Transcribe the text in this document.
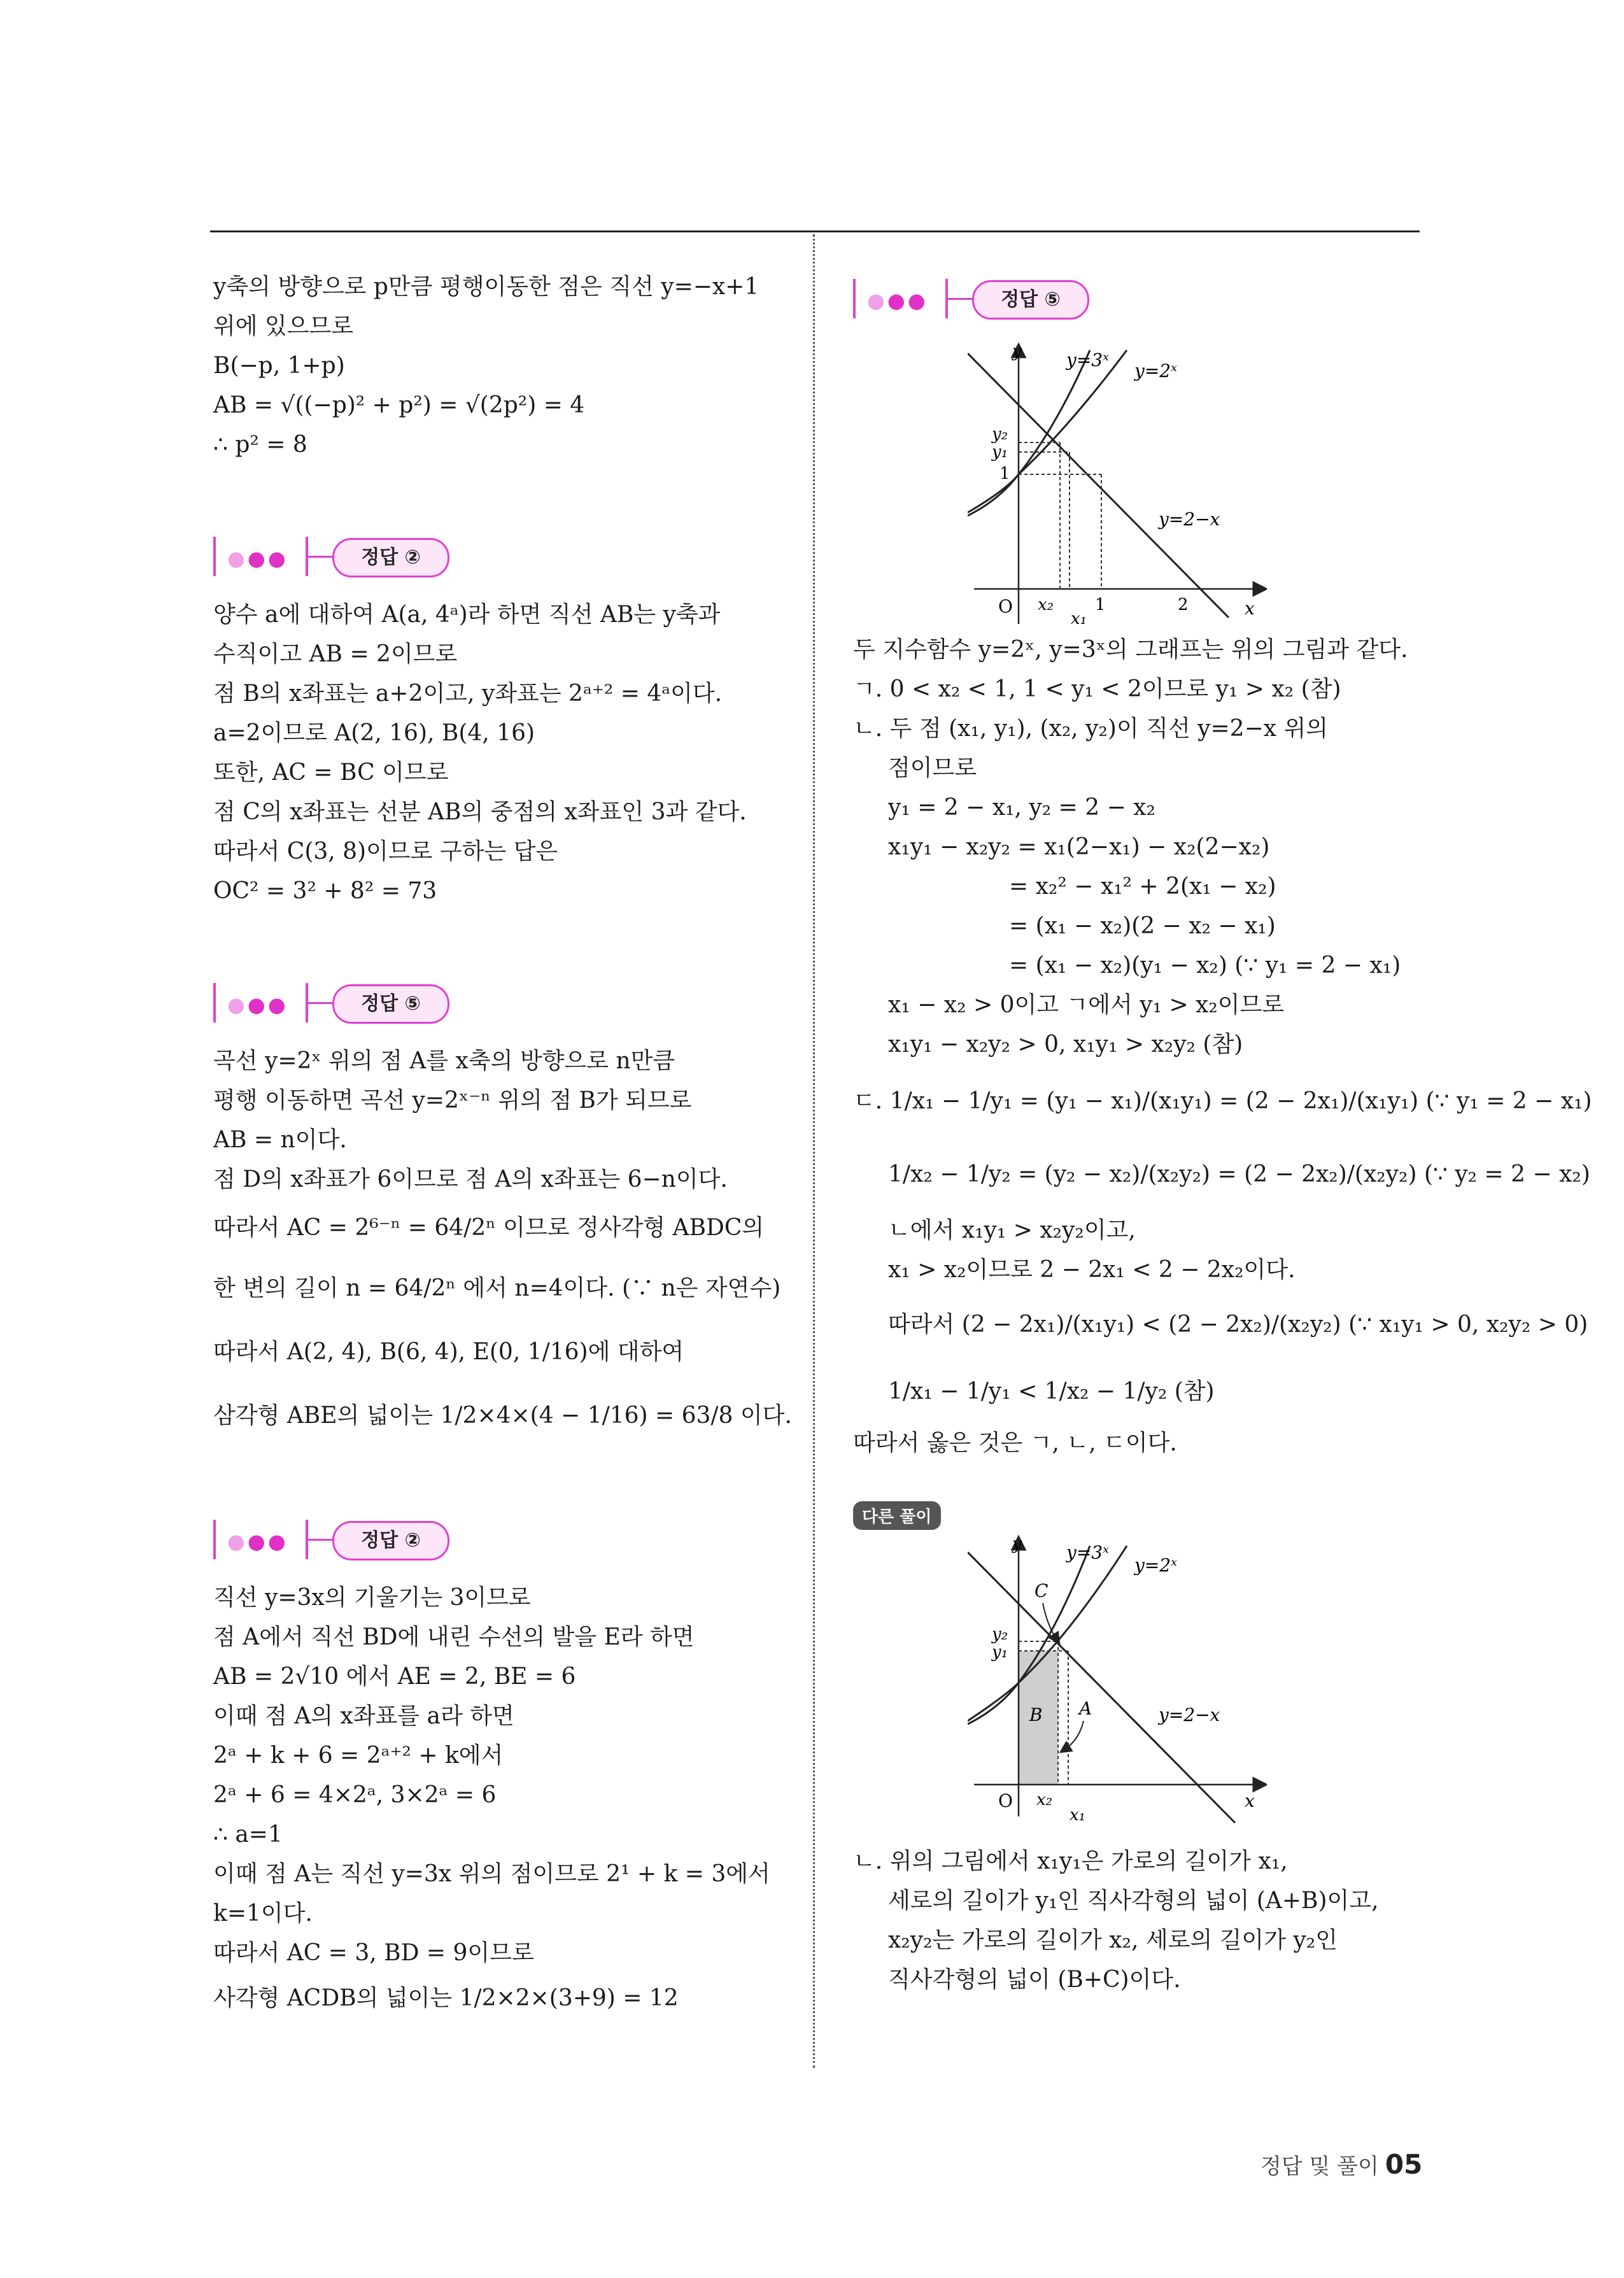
y축의 방향으로 p만큼 평행이동한 점은 직선 y=−x+1
위에 있으므로
B(−p, 1+p)
AB = √((−p)² + p²) = √(2p²) = 4
∴ p² = 8
●●●	정답 ②
양수 a에 대하여 A(a, 4ᵃ)라 하면 직선 AB는 y축과
수직이고 AB = 2이므로
점 B의 x좌표는 a+2이고, y좌표는 2ᵃ⁺² = 4ᵃ이다.
a=2이므로 A(2, 16), B(4, 16)
또한, AC = BC 이므로
점 C의 x좌표는 선분 AB의 중점의 x좌표인 3과 같다.
따라서 C(3, 8)이므로 구하는 답은
OC² = 3² + 8² = 73
●●●	정답 ⑤
곡선 y=2ˣ 위의 점 A를 x축의 방향으로 n만큼
평행 이동하면 곡선 y=2ˣ⁻ⁿ 위의 점 B가 되므로
AB = n이다.
점 D의 x좌표가 6이므로 점 A의 x좌표는 6−n이다.
따라서 AC = 2⁶⁻ⁿ = 64/2ⁿ 이므로 정사각형 ABDC의
한 변의 길이 n = 64/2ⁿ 에서 n=4이다. (∵ n은 자연수)
따라서 A(2, 4), B(6, 4), E(0, 1/16)에 대하여
삼각형 ABE의 넓이는 1/2×4×(4 − 1/16) = 63/8 이다.
●●●	정답 ②
직선 y=3x의 기울기는 3이므로
점 A에서 직선 BD에 내린 수선의 발을 E라 하면
AB = 2√10 에서 AE = 2, BE = 6
이때 점 A의 x좌표를 a라 하면
2ᵃ + k + 6 = 2ᵃ⁺² + k에서
2ᵃ + 6 = 4×2ᵃ, 3×2ᵃ = 6
∴ a=1
이때 점 A는 직선 y=3x 위의 점이므로 2¹ + k = 3에서
k=1이다.
따라서 AC = 3, BD = 9이므로
사각형 ACDB의 넓이는 1/2×2×(3+9) = 12
●●●	정답 ⑤
y
x
O
y=3ˣ
y=2ˣ
y=2−x
y₂
y₁
1
x₂
x₁
1	2
두 지수함수 y=2ˣ, y=3ˣ의 그래프는 위의 그림과 같다.
ㄱ. 0 < x₂ < 1, 1 < y₁ < 2이므로 y₁ > x₂ (참)
ㄴ. 두 점 (x₁, y₁), (x₂, y₂)이 직선 y=2−x 위의
점이므로
y₁ = 2 − x₁, y₂ = 2 − x₂
x₁y₁ − x₂y₂ = x₁(2−x₁) − x₂(2−x₂)
= x₂² − x₁² + 2(x₁ − x₂)
= (x₁ − x₂)(2 − x₂ − x₁)
= (x₁ − x₂)(y₁ − x₂) (∵ y₁ = 2 − x₁)
x₁ − x₂ > 0이고 ㄱ에서 y₁ > x₂이므로
x₁y₁ − x₂y₂ > 0, x₁y₁ > x₂y₂ (참)
ㄷ. 1/x₁ − 1/y₁ = (y₁ − x₁)/(x₁y₁) = (2 − 2x₁)/(x₁y₁) (∵ y₁ = 2 − x₁)
1/x₂ − 1/y₂ = (y₂ − x₂)/(x₂y₂) = (2 − 2x₂)/(x₂y₂) (∵ y₂ = 2 − x₂)
ㄴ에서 x₁y₁ > x₂y₂이고,
x₁ > x₂이므로 2 − 2x₁ < 2 − 2x₂이다.
따라서 (2 − 2x₁)/(x₁y₁) < (2 − 2x₂)/(x₂y₂) (∵ x₁y₁ > 0, x₂y₂ > 0)
1/x₁ − 1/y₁ < 1/x₂ − 1/y₂ (참)
따라서 옳은 것은 ㄱ, ㄴ, ㄷ이다.
다른 풀이
y
x
O
y=3ˣ
y=2ˣ
y=2−x
y₂
y₁
C
B A
x₂
x₁
ㄴ. 위의 그림에서 x₁y₁은 가로의 길이가 x₁,
세로의 길이가 y₁인 직사각형의 넓이 (A+B)이고,
x₂y₂는 가로의 길이가 x₂, 세로의 길이가 y₂인
직사각형의 넓이 (B+C)이다.
정답 및 풀이 05
